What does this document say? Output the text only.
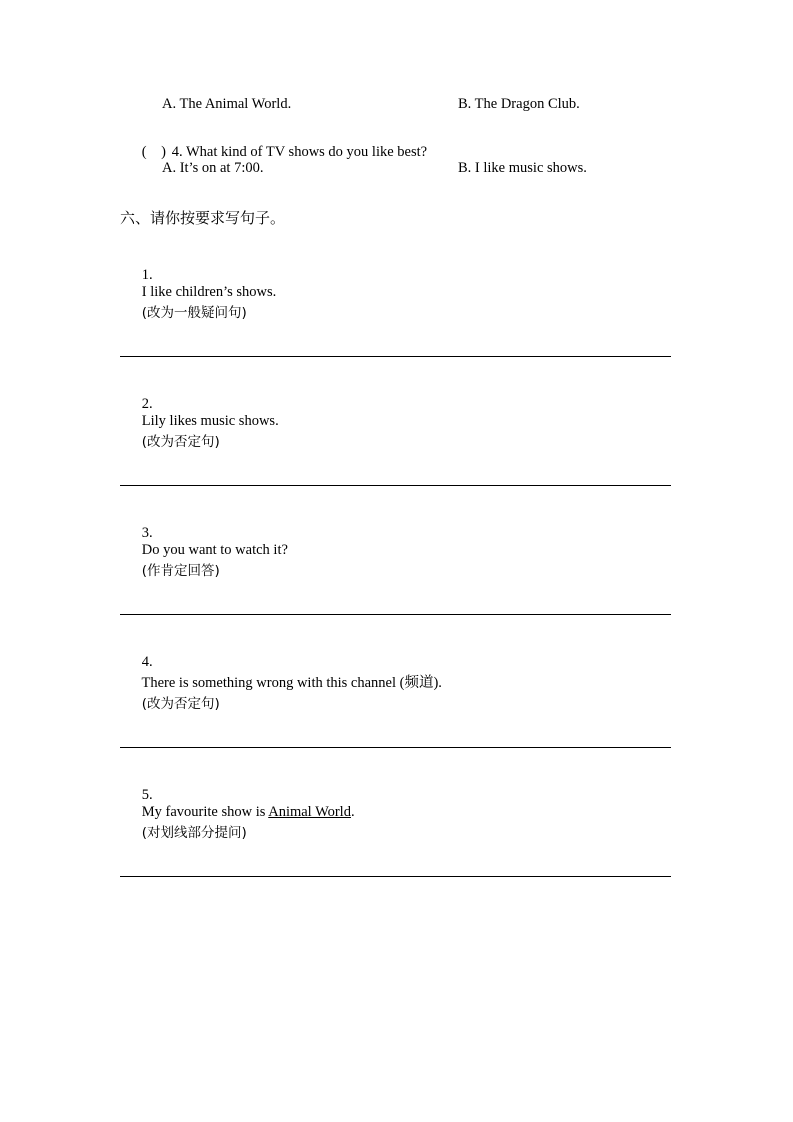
A. The Animal World.	B. The Dragon Club.

(    ) 4. What kind of TV shows do you like best?

A. It’s on at 7:00.	B. I like music shows.
六、请你按要求写句子。

1.
I like children’s shows.
(改为一般疑问句)

2.
Lily likes music shows.
(改为否定句)

3.
Do you want to watch it?
(作肯定回答)

4.
There is something wrong with this channel (频道).
(改为否定句)

5.
My favourite show is Animal World.
(对划线部分提问)
